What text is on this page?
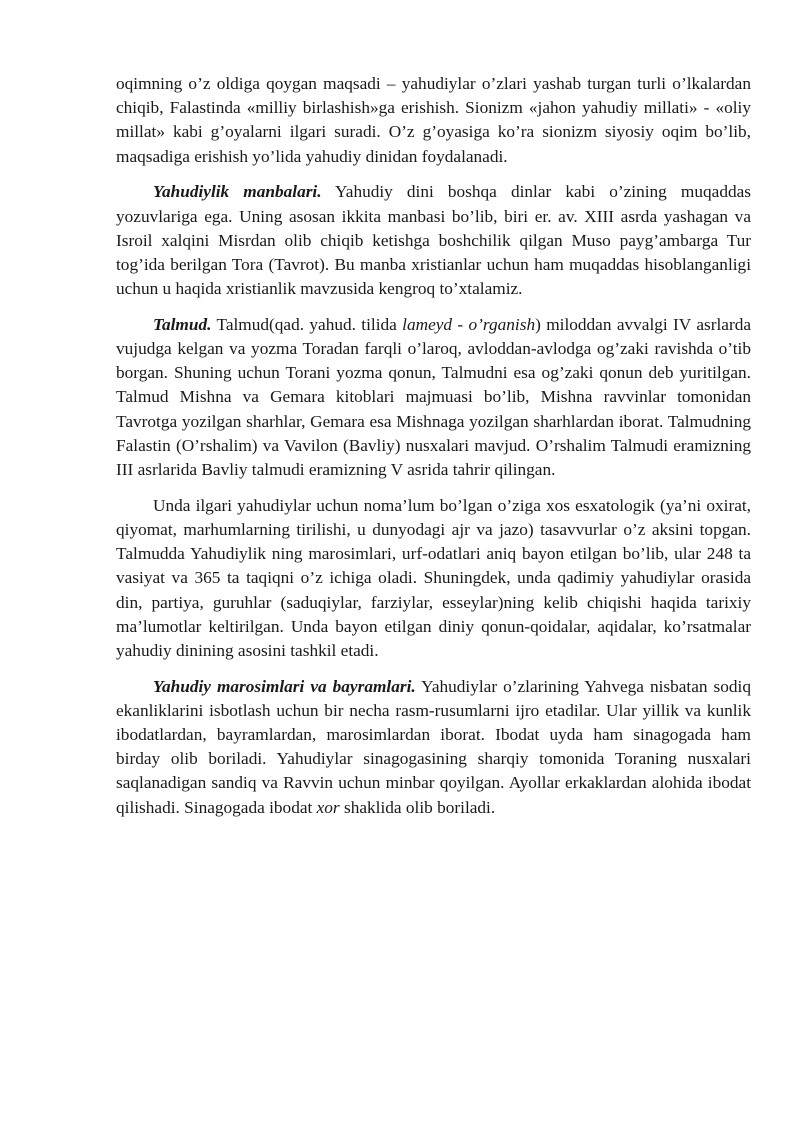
oqimning o’z oldiga qoygan maqsadi – yahudiylar o’zlari yashab turgan turli o’lkalardan chiqib, Falastinda «milliy birlashish»ga erishish. Sionizm «jahon yahudiy millati» - «oliy millat» kabi g’oyalarni ilgari suradi. O’z g’oyasiga ko’ra sionizm siyosiy oqim bo’lib, maqsadiga erishish yo’lida yahudiy dinidan foydalanadi.

Yahudiylik manbalari. Yahudiy dini boshqa dinlar kabi o’zining muqaddas yozuvlariga ega. Uning asosan ikkita manbasi bo’lib, biri er. av. XIII asrda yashagan va Isroil xalqini Misrdan olib chiqib ketishga boshchilik qilgan Muso payg’ambarga Tur tog’ida berilgan Tora (Tavrot). Bu manba xristianlar uchun ham muqaddas hisoblanganligi uchun u haqida xristianlik mavzusida kengroq to’xtalamiz.

Talmud. Talmud(qad. yahud. tilida lameyd - o’rganish) miloddan avvalgi IV asrlarda vujudga kelgan va yozma Toradan farqli o’laroq, avloddan-avlodga og’zaki ravishda o’tib borgan. Shuning uchun Torani yozma qonun, Talmudni esa og’zaki qonun deb yuritilgan. Talmud Mishna va Gemara kitoblari majmuasi bo’lib, Mishna ravvinlar tomonidan Tavrotga yozilgan sharhlar, Gemara esa Mishnaga yozilgan sharhlardan iborat. Talmudning Falastin (O’rshalim) va Vavilon (Bavliy) nusxalari mavjud. O’rshalim Talmudi eramizning III asrlarida Bavliy talmudi eramizning V asrida tahrir qilingan.

Unda ilgari yahudiylar uchun noma’lum bo’lgan o’ziga xos esxatologik (ya’ni oxirat, qiyomat, marhumlarning tirilishi, u dunyodagi ajr va jazo) tasavvurlar o’z aksini topgan. Talmudda Yahudiylik ning marosimlari, urf-odatlari aniq bayon etilgan bo’lib, ular 248 ta vasiyat va 365 ta taqiqni o’z ichiga oladi. Shuningdek, unda qadimiy yahudiylar orasida din, partiya, guruhlar (saduqiylar, farziylar, esseylar)ning kelib chiqishi haqida tarixiy ma’lumotlar keltirilgan. Unda bayon etilgan diniy qonun-qoidalar, aqidalar, ko’rsatmalar yahudiy dinining asosini tashkil etadi.

Yahudiy marosimlari va bayramlari. Yahudiylar o’zlarining Yahvega nisbatan sodiq ekanliklarini isbotlash uchun bir necha rasm-rusumlarni ijro etadilar. Ular yillik va kunlik ibodatlardan, bayramlardan, marosimlardan iborat. Ibodat uyda ham sinagogada ham birday olib boriladi. Yahudiylar sinagogasining sharqiy tomonida Toraning nusxalari saqlanadigan sandiq va Ravvin uchun minbar qoyilgan. Ayollar erkaklardan alohida ibodat qilishadi. Sinagogada ibodat xor shaklida olib boriladi.
